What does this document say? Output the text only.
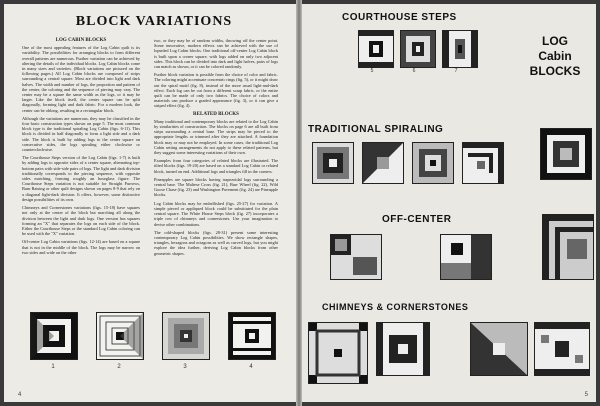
BLOCK VARIATIONS
LOG CABIN BLOCKS

One of the most appealing features of the Log Cabin quilt is its variability. The possibilities for arranging blocks to form different overall patterns are numerous. Further variation can be achieved by altering the details of the individual blocks. Log Cabin blocks come in many sizes and varieties. (Block variations are pictured on the following pages.) All Log Cabin blocks are composed of strips surrounding a central square. Most are divided into light and dark halves. The width and number of logs, the proportion and pattern of the center, the coloring and the sequence of piecing may vary. The center may be a square the same width as the logs, or it may be larger. Like the block itself, the center square can be split diagonally, forming light and dark fabric. For a modern look, the center can be oblong, resulting in a rectangular block.

Although the variations are numerous, they may be classified in the four basic construction types shown on page 5. The most common block type is the traditional spiraling Log Cabin (figs. 6-11). This block is divided in half diagonally to form a light side and a dark side. The block is built by adding logs to the center square on consecutive sides, the logs spiraling either clockwise or counterclockwise.

The Courthouse Steps version of the Log Cabin (figs. 1-7) is built by adding logs to opposite sides of a center square, alternating top-bottom pairs with side-side pairs of logs. The light and dark division traditionally corresponds to the piecing sequence, with opposite sides matching, forming roughly an hourglass figure. The Courthouse Steps variation is not suitable for Straight Furrows, Barn Raising or other quilt designs shown on pages 8-9 that rely on a diagonal light-dark division. It offers, however, some distinctive design possibilities of its own.

Chimneys and Cornerstones variations (figs. 15-18) have squares not only at the center of the block but marching all along the division between the light and dark logs. One version has squares forming an "X" that separates the logs on each side of the block. Either the Courthouse Steps or the standard Log Cabin coloring can be used with the "X" variation.

Off-center Log Cabin variations (figs. 12-14) are based on a square that is not in the middle of the block. The logs may be narrow on two sides and wide on the other

two, or they may be of random widths, throwing off the center point. Some innovative, modern effects can be achieved with the use of lopsided Log Cabin blocks. One traditional off-center Log Cabin block is built upon a corner square, with logs added on only two adjacent sides. This block can be divided into dark and light halves, pairs of logs can match as shown, or it can be colored randomly.

Further block variation is possible from the choice of color and fabric. The coloring might accentuate concentric rings (fig. 5), or it might draw out the spiral motif (fig. 8), instead of the more usual light-and-dark effect. Each log can be cut from a different scrap fabric, or the entire quilt can be made of only two fabrics. The choice of colors and materials can produce a graded appearance (fig. 3), or it can give a striped effect (fig. 4).

RELATED BLOCKS

Many traditional and contemporary blocks are related to the Log Cabin by similarities of construction. The blocks on page 6 are all built from strips surrounding a central base. The strips may be pieced to the appropriate lengths or trimmed after they are attached. A foundation block may or may not be employed. In some cases, the traditional Log Cabin setting arrangements do not apply to these related patterns, but they suggest some interesting variations of their own.

Examples from four categories of related blocks are illustrated. The tilted blocks (figs. 19-20) are based on a standard Log Cabin or related block, turned on end. Additional logs and triangles fill in the corners.

Pineapples are square blocks having trapezoidal logs surrounding a central base. The Maltese Cross (fig. 21), Burr Wheel (fig. 22), Wild Goose Chase (fig. 23) and Washington Pavement (fig. 24) are Pineapple blocks.

Log Cabin blocks may be embellished (figs. 25-27) for variation. A simple pieced or appliqued block could be substituted for the plain central square. The White House Steps block (fig. 27) incorporates a triple row of chimneys and cornerstones. Use your imagination to devise other combinations.

The odd-shaped blocks (figs. 28-31) present some interesting contemporary Log Cabin possibilities. We show rectangle shapes, triangles, hexagons and octagons as well as curved logs, but you might explore the idea further, deriving Log Cabin blocks from other geometric shapes.

1	2	3	4
4
LOG
Cabin
BLOCKS
COURTHOUSE STEPS
5	6	7
TRADITIONAL SPIRALING
OFF-CENTER
CHIMNEYS & CORNERSTONES
5
